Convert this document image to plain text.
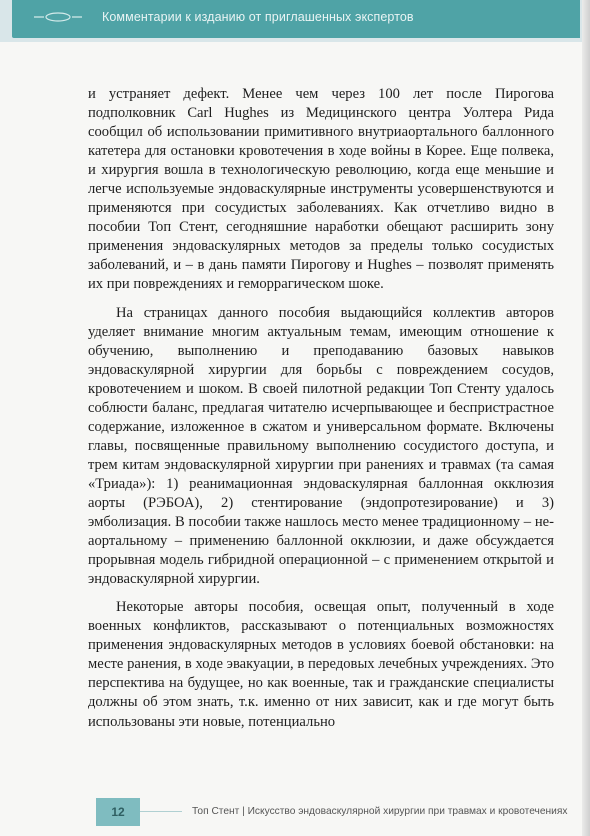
Комментарии к изданию от приглашенных экспертов

и устраняет дефект. Менее чем через 100 лет после Пирогова подполковник Carl Hughes из Медицинского центра Уолтера Рида сообщил об использовании примитивного внутриаортального баллонного катетера для остановки кровотечения в ходе войны в Корее. Еще полвека, и хирургия вошла в технологическую революцию, когда еще меньшие и легче используемые эндоваскулярные инструменты усовершенствуются и применяются при сосудистых заболеваниях. Как отчетливо видно в пособии Топ Стент, сегодняшние наработки обещают расширить зону применения эндоваскулярных методов за пределы только сосудистых заболеваний, и – в дань памяти Пирогову и Hughes – позволят применять их при повреждениях и геморрагическом шоке.

На страницах данного пособия выдающийся коллектив авторов уделяет внимание многим актуальным темам, имеющим отношение к обучению, выполнению и преподаванию базовых навыков эндоваскулярной хирургии для борьбы с повреждением сосудов, кровотечением и шоком. В своей пилотной редакции Топ Стенту удалось соблюсти баланс, предлагая читателю исчерпывающее и беспристрастное содержание, изложенное в сжатом и универсальном формате. Включены главы, посвященные правильному выполнению сосудистого доступа, и трем китам эндоваскулярной хирургии при ранениях и травмах (та самая «Триада»): 1) реанимационная эндоваскулярная баллонная окклюзия аорты (РЭБОА), 2) стентирование (эндопротезирование) и 3) эмболизация. В пособии также нашлось место менее традиционному – не-аортальному – применению баллонной окклюзии, и даже обсуждается прорывная модель гибридной операционной – с применением открытой и эндоваскулярной хирургии.

Некоторые авторы пособия, освещая опыт, полученный в ходе военных конфликтов, рассказывают о потенциальных возможностях применения эндоваскулярных методов в условиях боевой обстановки: на месте ранения, в ходе эвакуации, в передовых лечебных учреждениях. Это перспектива на будущее, но как военные, так и гражданские специалисты должны об этом знать, т.к. именно от них зависит, как и где могут быть использованы эти новые, потенциально

12	Топ Стент | Искусство эндоваскулярной хирургии при травмах и кровотечениях
